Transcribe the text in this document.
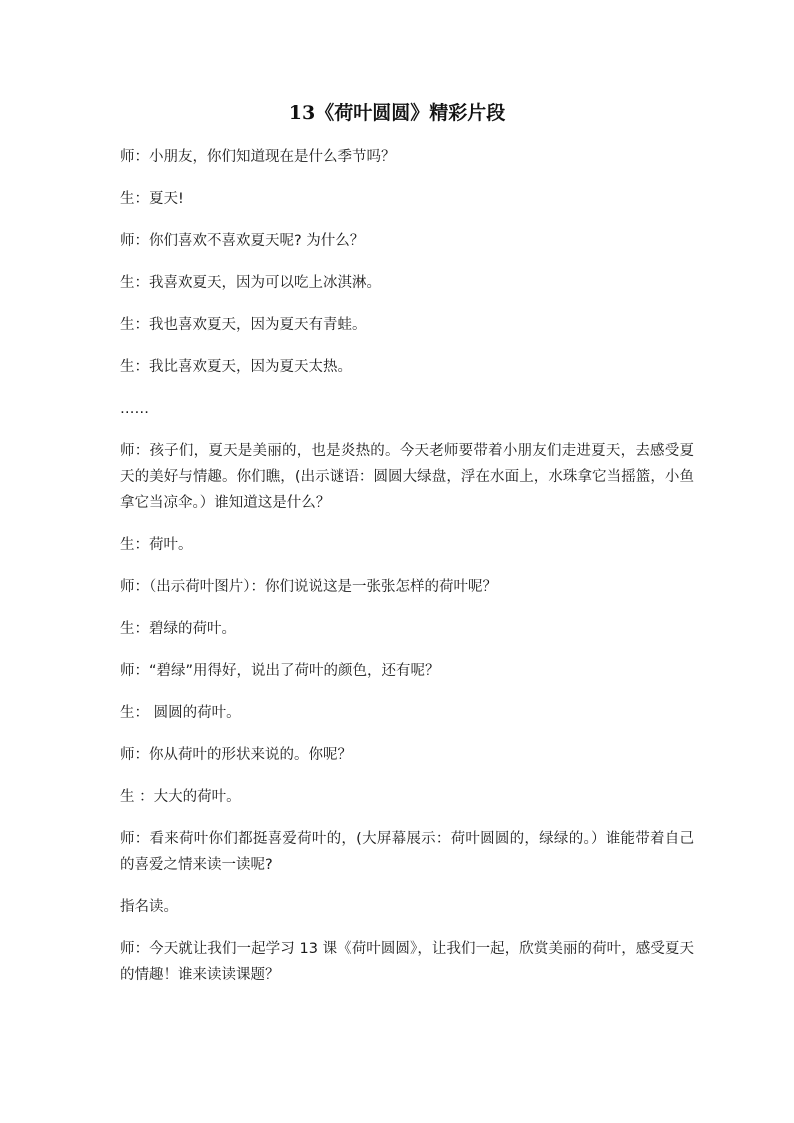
13《荷叶圆圆》精彩片段

师：小朋友，你们知道现在是什么季节吗？

生：夏天!

师：你们喜欢不喜欢夏天呢? 为什么？

生：我喜欢夏天，因为可以吃上冰淇淋。

生：我也喜欢夏天，因为夏天有青蛙。

生：我比喜欢夏天，因为夏天太热。

……

师：孩子们，夏天是美丽的，也是炎热的。今天老师要带着小朋友们走进夏天，去感受夏天的美好与情趣。你们瞧，(出示谜语：圆圆大绿盘，浮在水面上，水珠拿它当摇篮，小鱼拿它当凉伞。）谁知道这是什么？

生：荷叶。

师：（出示荷叶图片）：你们说说这是一张张怎样的荷叶呢？

生：碧绿的荷叶。

师：“碧绿”用得好，说出了荷叶的颜色，还有呢？

生： 圆圆的荷叶。

师：你从荷叶的形状来说的。你呢？

生 ：大大的荷叶。

师：看来荷叶你们都挺喜爱荷叶的，(大屏幕展示：荷叶圆圆的，绿绿的。）谁能带着自己的喜爱之情来读一读呢?

指名读。

师：今天就让我们一起学习 13 课《荷叶圆圆》，让我们一起，欣赏美丽的荷叶，感受夏天的情趣！谁来读读课题？
